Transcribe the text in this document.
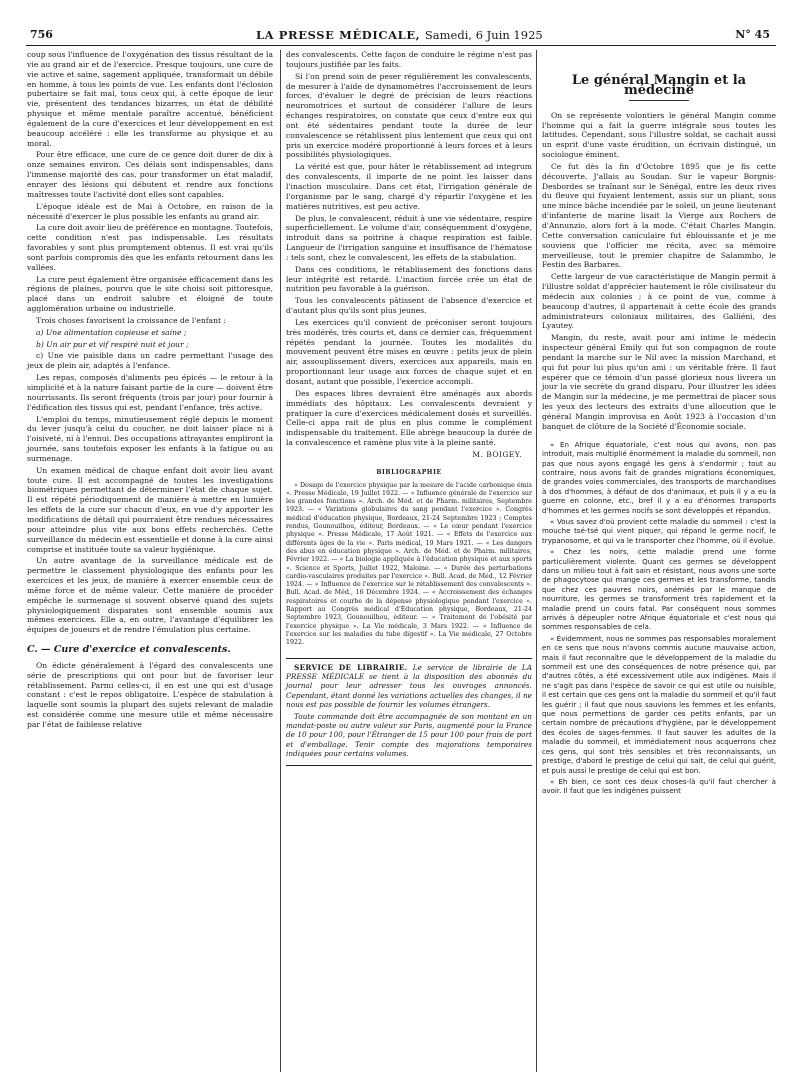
756	LA PRESSE MÉDICALE, Samedi, 6 Juin 1925	N° 45

coup sous l'influence de l'oxygénation des tissus résultant de la vie au grand air et de l'exercice. Presque toujours, une cure de vie active et saine, sagement appliquée, transformait un débile en homme, à tous les points de vue. Les enfants dont l'éclosion pubertaire se fait mal, tous ceux qui, à cette époque de leur vie, présentent des tendances bizarres, un état de débilité physique et même mentale paraître accentué, bénéficient également de la cure d'exercices et leur développement en est beaucoup accéléré : elle les transforme au physique et au moral.

Pour être efficace, une cure de ce genre doit durer de dix à onze semaines environ. Ces délais sont indispensables, dans l'immense majorité des cas, pour transformer un état maladif, enrayer des lésions qui débutent et rendre aux fonctions maîtresses toute l'activité dont elles sont capables.

L'époque idéale est de Mai à Octobre, en raison de la nécessité d'exercer le plus possible les enfants au grand air.

La cure doit avoir lieu de préférence en montagne. Toutefois, cette condition n'est pas indispensable. Les résultats favorables y sont plus promptement obtenus. Il est vrai qu'ils sont parfois compromis dès que les enfants retournent dans les vallées.

La cure peut également être organisée efficacement dans les régions de plaines, pourvu que le site choisi soit pittoresque, placé dans un endroit salubre et éloigné de toute agglomération urbaine ou industrielle.

Trois choses favorisent la croissance de l'enfant :

a) Une alimentation copieuse et saine ;

b) Un air pur et vif respiré nuit et jour ;

c) Une vie paisible dans un cadre permettant l'usage des jeux de plein air, adaptés à l'enfance.

Les repas, composés d'aliments peu épicés — le retour à la simplicité et à la nature faisant partie de la cure — doivent être nourrissants. Ils seront fréquents (trois par jour) pour fournir à l'édification des tissus qui est, pendant l'enfance, très active.

L'emploi du temps, minutieusement réglé depuis le moment du lever jusqu'à celui du coucher, ne doit laisser place ni à l'oisiveté, ni à l'ennui. Des occupations attrayantes empliront la journée, sans toutefois exposer les enfants à la fatigue ou au surmenage.

Un examen médical de chaque enfant doit avoir lieu avant toute cure. Il est accompagné de toutes les investigations biométriques permettant de déterminer l'état de chaque sujet. Il est répété périodiquement de manière à mettre en lumière les effets de la cure sur chacun d'eux, en vue d'y apporter les modifications de détail qui pourraient être rendues nécessaires pour atteindre plus vite aux bons effets recherchés. Cette surveillance du médecin est essentielle et donne à la cure ainsi comprise et instituée toute sa valeur hygiénique.

Un autre avantage de la surveillance médicale est de permettre le classement physiologique des enfants pour les exercices et les jeux, de manière à exercer ensemble ceux de même force et de même valeur. Cette manière de procéder empêche le surmenage si souvent observé quand des sujets physiologiquement disparates sont ensemble soumis aux mêmes exercices. Elle a, en outre, l'avantage d'équilibrer les équipes de joueurs et de rendre l'émulation plus certaine.

C. — Cure d'exercice et convalescents.

On édicte généralement à l'égard des convalescents une série de prescriptions qui ont pour but de favoriser leur rétablissement. Parmi celles-ci, il en est une qui est d'usage constant : c'est le repos obligatoire. L'espèce de stabulation à laquelle sont soumis la plupart des sujets relevant de maladie est considérée comme une mesure utile et même nécessaire par l'état de faiblesse relative

des convalescents. Cette façon de conduire le régime n'est pas toujours justifiée par les faits.

Si l'on prend soin de peser régulièrement les convalescents, de mesurer à l'aide de dynamomètres l'accroissement de leurs forces, d'évaluer le degré de précision de leurs réactions neuromotrices et surtout de considérer l'allure de leurs échanges respiratoires, on constate que ceux d'entre eux qui ont été sédentaires pendant toute la durée de leur convalescence se rétablissent plus lentement que ceux qui ont pris un exercice modéré proportionné à leurs forces et à leurs possibilités physiologiques.

La vérité est que, pour hâter le rétablissement ad integrum des convalescents, il importe de ne point les laisser dans l'inaction musculaire. Dans cet état, l'irrigation générale de l'organisme par le sang, chargé d'y répartir l'oxygène et les matières nutritives, est peu active.

De plus, le convalescent, réduit à une vie sédentaire, respire superficiellement. Le volume d'air, conséquemment d'oxygène, introduit dans sa poitrine à chaque respiration est faible. Langueur de l'irrigation sanguine et insuffisance de l'hématose : tels sont, chez le convalescent, les effets de la stabulation.

Dans ces conditions, le rétablissement des fonctions dans leur intégrité est retardé. L'inaction forcée crée un état de nutrition peu favorable à la guérison.

Tous les convalescents pâtissent de l'absence d'exercice et d'autant plus qu'ils sont plus jeunes.

Les exercices qu'il convient de préconiser seront toujours très modérés, très courts et, dans ce dernier cas, fréquemment répétés pendant la journée. Toutes les modalités du mouvement peuvent être mises en œuvre : petits jeux de plein air, assouplissement divers, exercices aux appareils, mais en proportionnant leur usage aux forces de chaque sujet et en dosant, autant que possible, l'exercice accompli.

Des espaces libres devraient être aménagés aux abords immédiats des hôpitaux. Les convalescents devraient y pratiquer la cure d'exercices médicalement dosés et surveillés. Celle-ci appa rait de plus en plus comme le complément indispensable du traitement. Elle abrège beaucoup la durée de la convalescence et ramène plus vite à la pleine santé.

M. BOIGEY.

BIBLIOGRAPHIE

« Dosage de l'exercice physique par la mesure de l'acide carbonique émis ». Presse Médicale, 19 Juillet 1922. — « Influence générale de l'exercice sur les grandes fonctions ». Arch. de Méd. et de Pharm. militaires, Septembre 1923. — « Variations globulaires du sang pendant l'exercice ». Congrès médical d'éducation physique, Bordeaux, 21-24 Septembre 1923 ; Comptes rendus, Gounouilhou, éditeur, Bordeaux. — « Le cœur pendant l'exercice physique ». Presse Médicale, 17 Août 1921. — « Effets de l'exercice aux différents âges de la vie ». Paris médical, 19 Mars 1921. — « Les dangers des abus en éducation physique ». Arch. de Méd. et de Pharm. militaires, Février 1922. — « La biologie appliquée à l'éducation physique et aux sports ». Science et Sports, Juillet 1922, Maloine. — « Durée des perturbations cardio-vasculaires produites par l'exercice ». Bull. Acad. de Méd., 12 Février 1924. — « Influence de l'exercice sur le rétablissement des convalescents ». Bull. Acad. de Méd., 16 Décembre 1924. — « Accroissement des échanges respiratoires et courbe de la dépense physiologique pendant l'exercice ». Rapport au Congrès médical d'Éducation physique, Bordeaux, 21-24 Septembre 1923, Gounouilhou, éditeur. — « Traitement de l'obésité par l'exercice physique ». La Vie médicale, 3 Mars 1922. — « Influence de l'exercice sur les maladies du tube digestif ». La Vie médicale, 27 Octobre 1922.

SERVICE DE LIBRAIRIE. Le service de librairie de LA PRESSE MÉDICALE se tient à la disposition des abonnés du journal pour leur adresser tous les ouvrages annoncés. Cependant, étant donné les variations actuelles des changes, il ne nous est pas possible de fournir les volumes étrangers.

Toute commande doit être accompagnée de son montant en un mandat-poste ou autre valeur sur Paris, augmenté pour la France de 10 pour 100, pour l'Étranger de 15 pour 100 pour frais de port et d'emballage. Tenir compte des majorations temporaires indiquées pour certains volumes.

Le général Mangin et la médecine

On se représente volontiers le général Mangin comme l'homme qui a fait la guerre intégrale sous toutes les latitudes. Cependant, sous l'illustre soldat, se cachait aussi un esprit d'une vaste érudition, un écrivain distingué, un sociologue éminent.

Ce fut dès la fin d'Octobre 1895 que je fis cette découverte. J'allais au Soudan. Sur le vapeur Borgnis-Desbordes se traînant sur le Sénégal, entre les deux rives du fleuve qui fuyaient lentement, assis sur un pliant, sous une mince bâche incendiée par le soleil, un jeune lieutenant d'infanterie de marine lisait la Vierge aux Rochers de d'Annunzio, alors fort à la mode. C'était Charles Mangin. Cette conversation caniculaire fut éblouissante et je me souviens que l'officier me récita, avec sa mémoire merveilleuse, tout le premier chapitre de Salammbo, le Festin des Barbares.

Cette largeur de vue caractéristique de Mangin permit à l'illustre soldat d'apprécier hautement le rôle civilisateur du médecin aux colonies ; à ce point de vue, comme à beaucoup d'autres, il appartenait à cette école des grands administrateurs coloniaux militaires, des Galliéni, des Lyautey.

Mangin, du reste, avait pour ami intime le médecin inspecteur général Emily qui fut son compagnon de route pendant la marche sur le Nil avec la mission Marchand, et qui fut pour lui plus qu'un ami : un véritable frère. Il faut espérer que ce témoin d'un passé glorieux nous livrera un jour la vie secrète du grand disparu. Pour illustrer les idées de Mangin sur la médecine, je me permettrai de placer sous les yeux des lecteurs des extraits d'une allocution que le général Mangin improvisa en Août 1923 à l'occasion d'un banquet de clôture de la Société d'Économie sociale.

« En Afrique équatoriale, c'est nous qui avons, non pas introduit, mais multiplié énormément la maladie du sommeil, non pas que nous ayons engagé les gens à s'endormir ; tout au contraire, nous avons fait de grandes migrations économiques, de grandes voies commerciales, des transports de marchandises à dos d'hommes, à défaut de dos d'animaux, et puis il y a eu la guerre en colonne, etc., bref il y a eu d'énormes transports d'hommes et les germes nocifs se sont développés et répandus.

« Vous savez d'où provient cette maladie du sommeil : c'est la mouche tsé-tsé qui vient piquer, qui répand le germe nocif, le trypanosome, et qui va le transporter chez l'homme, où il évolue.

« Chez les noirs, cette maladie prend une forme particulièrement violente. Quant ces germes se développent dans un milieu tout à fait sain et résistant, nous avons une sorte de phagocytose qui mange ces germes et les transforme, tandis que chez ces pauvres noirs, anémiés par le manque de nourriture, les germes se transforment très rapidement et la maladie prend un cours fatal. Par conséquent nous sommes arrivés à dépeupler notre Afrique équatoriale et c'est nous qui sommes responsables de cela.

« Évidemment, nous ne sommes pas responsables moralement en ce sens que nous n'avons commis aucune mauvaise action, mais il faut reconnaître que le développement de la maladie du sommeil est une des conséquences de notre présence qui, par d'autres côtés, a été excessivement utile aux indigènes. Mais il ne s'agit pas dans l'espèce de savoir ce qui est utile ou nuisible, il est certain que ces gens ont la maladie du sommeil et qu'il faut les guérir ; il faut que nous sauvions les femmes et les enfants, que nous permettions de garder ces petits enfants, par un certain nombre de précautions d'hygiène, par le développement des écoles de sages-femmes. Il faut sauver les adultes de la maladie du sommeil, et immédiatement nous acquerrons chez ces gens, qui sont très sensibles et très reconnaissants, un prestige, d'abord le prestige de celui qui sait, de celui qui guérit, et puis aussi le prestige de celui qui est bon.

« Eh bien, ce sont ces deux choses-là qu'il faut chercher à avoir. Il faut que les indigènes puissent
